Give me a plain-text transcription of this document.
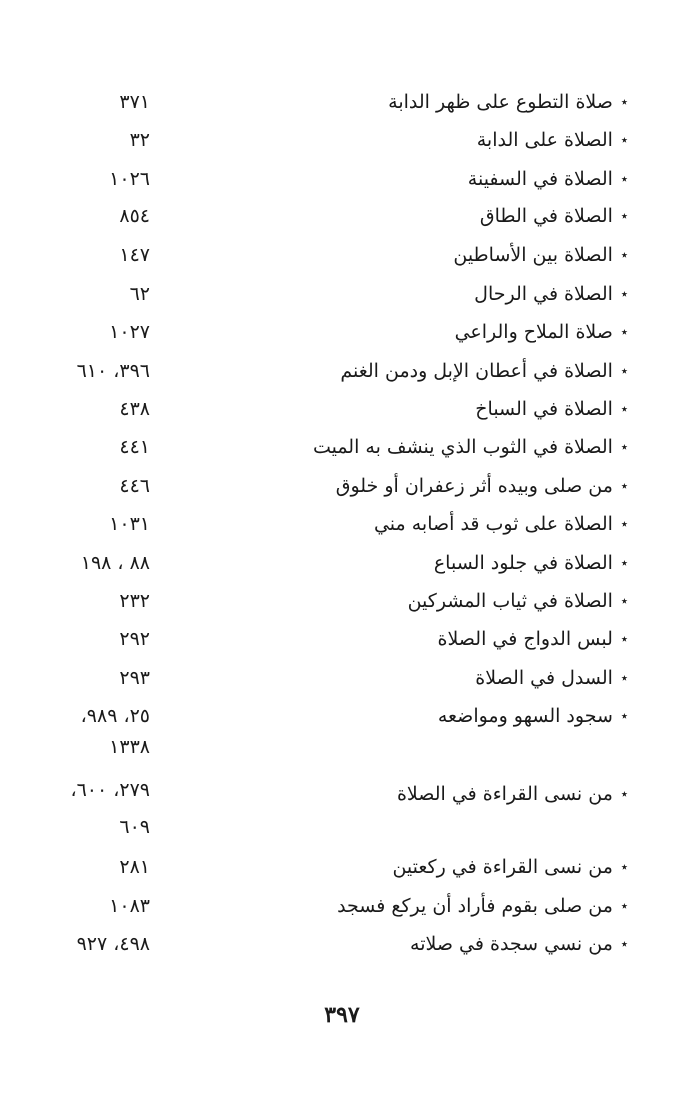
٭صلاة التطوع على ظهر الدابة
٣٧١
٭الصلاة على الدابة
٣٢
٭الصلاة في السفينة
١٠٢٦
٭الصلاة في الطاق
٨٥٤
٭الصلاة بين الأساطين
١٤٧
٭الصلاة في الرحال
٦٢
٭صلاة الملاح والراعي
١٠٢٧
٭الصلاة في أعطان الإبل ودمن الغنم
٣٩٦، ٦١٠
٭الصلاة في السباخ
٤٣٨
٭الصلاة في الثوب الذي ينشف به الميت
٤٤١
٭من صلى وبيده أثر زعفران أو خلوق
٤٤٦
٭الصلاة على ثوب قد أصابه مني
١٠٣١
٭الصلاة في جلود السباع
٨٨ ، ١٩٨
٭الصلاة في ثياب المشركين
٢٣٢
٭لبس الدواج في الصلاة
٢٩٢
٭السدل في الصلاة
٢٩٣
٭سجود السهو ومواضعه
٢٥، ٩٨٩،
١٣٣٨
٢٧٩، ٦٠٠،	٭من نسى القراءة في الصلاة
٦٠٩
٭من نسى القراءة في ركعتين
٢٨١
٭من صلى بقوم فأراد أن يركع فسجد
١٠٨٣
٭من نسي سجدة في صلاته
٤٩٨، ٩٢٧
٣٩٧
